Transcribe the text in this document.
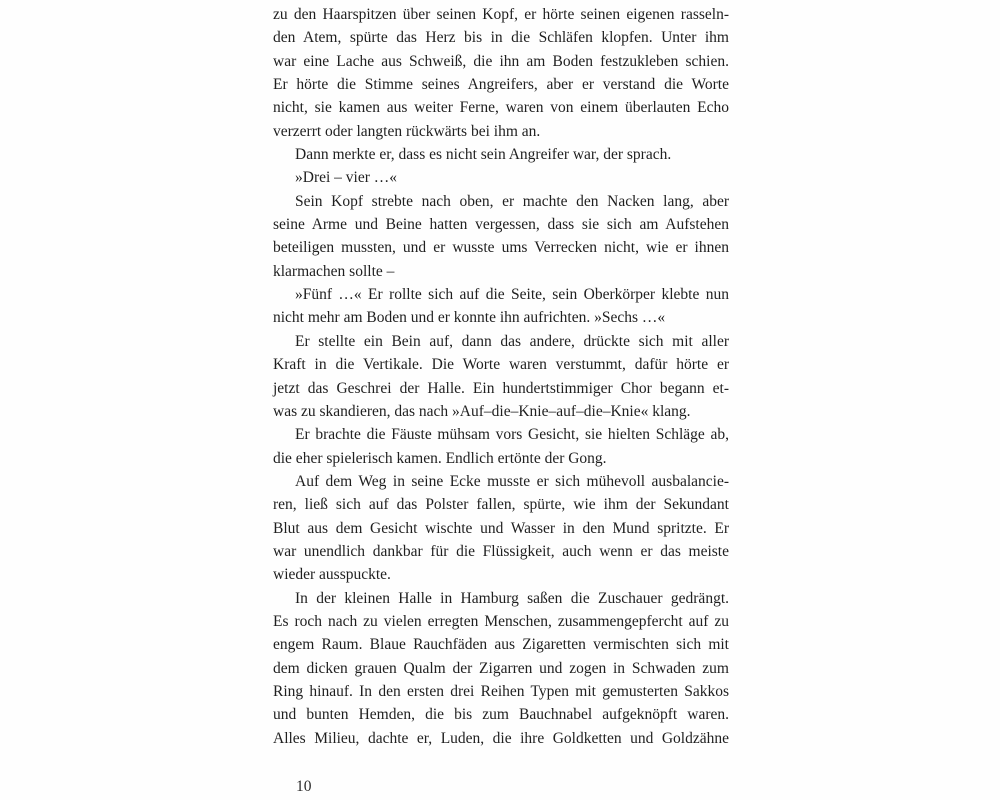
zu den Haarspitzen über seinen Kopf, er hörte seinen eigenen rasseln-
den Atem, spürte das Herz bis in die Schläfen klopfen. Unter ihm
war eine Lache aus Schweiß, die ihn am Boden festzukleben schien.
Er hörte die Stimme seines Angreifers, aber er verstand die Worte
nicht, sie kamen aus weiter Ferne, waren von einem überlauten Echo
verzerrt oder langten rückwärts bei ihm an.
Dann merkte er, dass es nicht sein Angreifer war, der sprach.
»Drei – vier …«
Sein Kopf strebte nach oben, er machte den Nacken lang, aber
seine Arme und Beine hatten vergessen, dass sie sich am Aufstehen
beteiligen mussten, und er wusste ums Verrecken nicht, wie er ihnen
klarmachen sollte –
»Fünf …« Er rollte sich auf die Seite, sein Oberkörper klebte nun
nicht mehr am Boden und er konnte ihn aufrichten. »Sechs …«
Er stellte ein Bein auf, dann das andere, drückte sich mit aller
Kraft in die Vertikale. Die Worte waren verstummt, dafür hörte er
jetzt das Geschrei der Halle. Ein hundertstimmiger Chor begann et-
was zu skandieren, das nach »Auf–die–Knie–auf–die–Knie« klang.
Er brachte die Fäuste mühsam vors Gesicht, sie hielten Schläge ab,
die eher spielerisch kamen. Endlich ertönte der Gong.
Auf dem Weg in seine Ecke musste er sich mühevoll ausbalancie-
ren, ließ sich auf das Polster fallen, spürte, wie ihm der Sekundant
Blut aus dem Gesicht wischte und Wasser in den Mund spritzte. Er
war unendlich dankbar für die Flüssigkeit, auch wenn er das meiste
wieder ausspuckte.
In der kleinen Halle in Hamburg saßen die Zuschauer gedrängt.
Es roch nach zu vielen erregten Menschen, zusammengepfercht auf zu
engem Raum. Blaue Rauchfäden aus Zigaretten vermischten sich mit
dem dicken grauen Qualm der Zigarren und zogen in Schwaden zum
Ring hinauf. In den ersten drei Reihen Typen mit gemusterten Sakkos
und bunten Hemden, die bis zum Bauchnabel aufgeknöpft waren.
Alles Milieu, dachte er, Luden, die ihre Goldketten und Goldzähne
10
